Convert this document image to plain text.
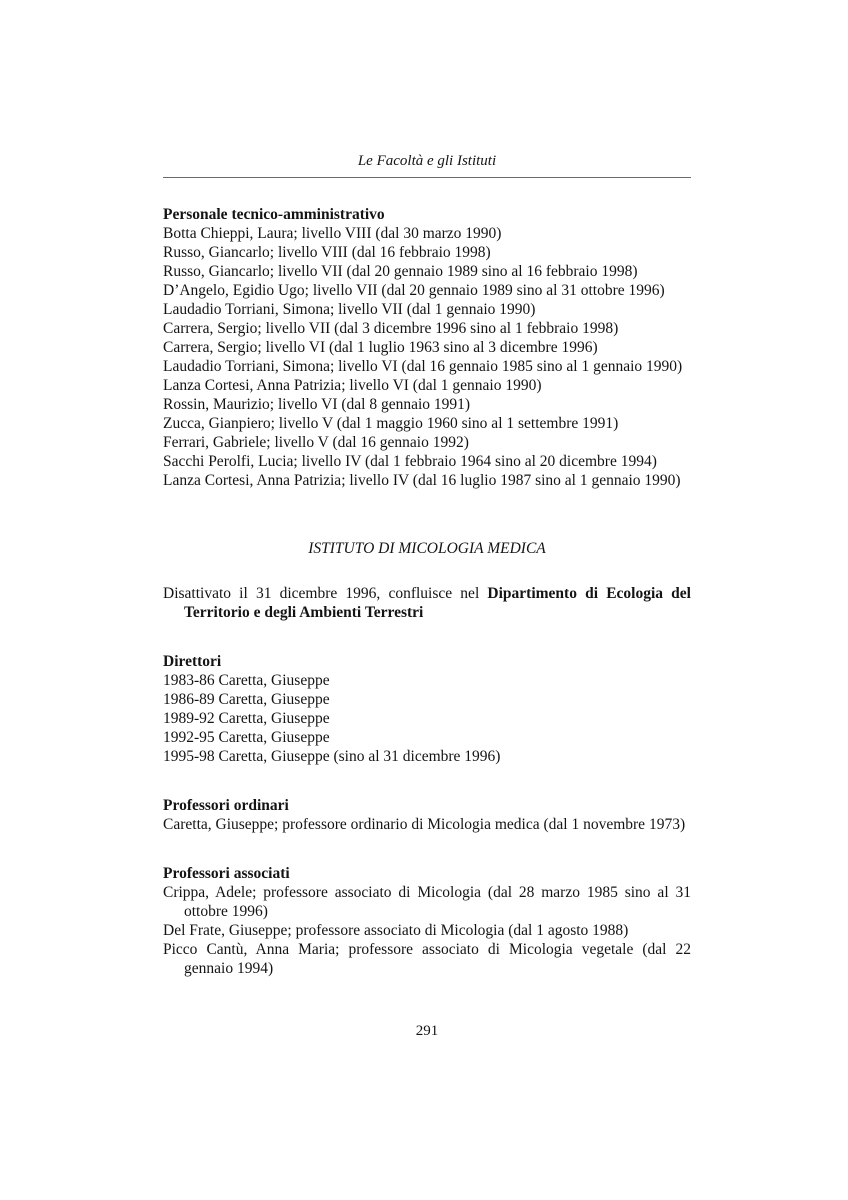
Le Facoltà e gli Istituti

Personale tecnico-amministrativo

Botta Chieppi, Laura; livello VIII (dal 30 marzo 1990)

Russo, Giancarlo; livello VIII (dal 16 febbraio 1998)

Russo, Giancarlo; livello VII (dal 20 gennaio 1989 sino al 16 febbraio 1998)

D’Angelo, Egidio Ugo; livello VII (dal 20 gennaio 1989 sino al 31 ottobre 1996)

Laudadio Torriani, Simona; livello VII (dal 1 gennaio 1990)

Carrera, Sergio; livello VII (dal 3 dicembre 1996 sino al 1 febbraio 1998)

Carrera, Sergio; livello VI (dal 1 luglio 1963 sino al 3 dicembre 1996)

Laudadio Torriani, Simona; livello VI (dal 16 gennaio 1985 sino al 1 gennaio 1990)

Lanza Cortesi, Anna Patrizia; livello VI (dal 1 gennaio 1990)

Rossin, Maurizio; livello VI (dal 8 gennaio 1991)

Zucca, Gianpiero; livello V (dal 1 maggio 1960 sino al 1 settembre 1991)

Ferrari, Gabriele; livello V (dal 16 gennaio 1992)

Sacchi Perolfi, Lucia; livello IV (dal 1 febbraio 1964 sino al 20 dicembre 1994)

Lanza Cortesi, Anna Patrizia; livello IV (dal 16 luglio 1987 sino al 1 gennaio 1990)

ISTITUTO DI MICOLOGIA MEDICA

Disattivato il 31 dicembre 1996, confluisce nel Dipartimento di Ecologia del Territorio e degli Ambienti Terrestri

Direttori

1983-86 Caretta, Giuseppe

1986-89 Caretta, Giuseppe

1989-92 Caretta, Giuseppe

1992-95 Caretta, Giuseppe

1995-98 Caretta, Giuseppe (sino al 31 dicembre 1996)

Professori ordinari

Caretta, Giuseppe; professore ordinario di Micologia medica (dal 1 novembre 1973)

Professori associati

Crippa, Adele; professore associato di Micologia (dal 28 marzo 1985 sino al 31 ottobre 1996)

Del Frate, Giuseppe; professore associato di Micologia (dal 1 agosto 1988)

Picco Cantù, Anna Maria; professore associato di Micologia vegetale (dal 22 gennaio 1994)

291
